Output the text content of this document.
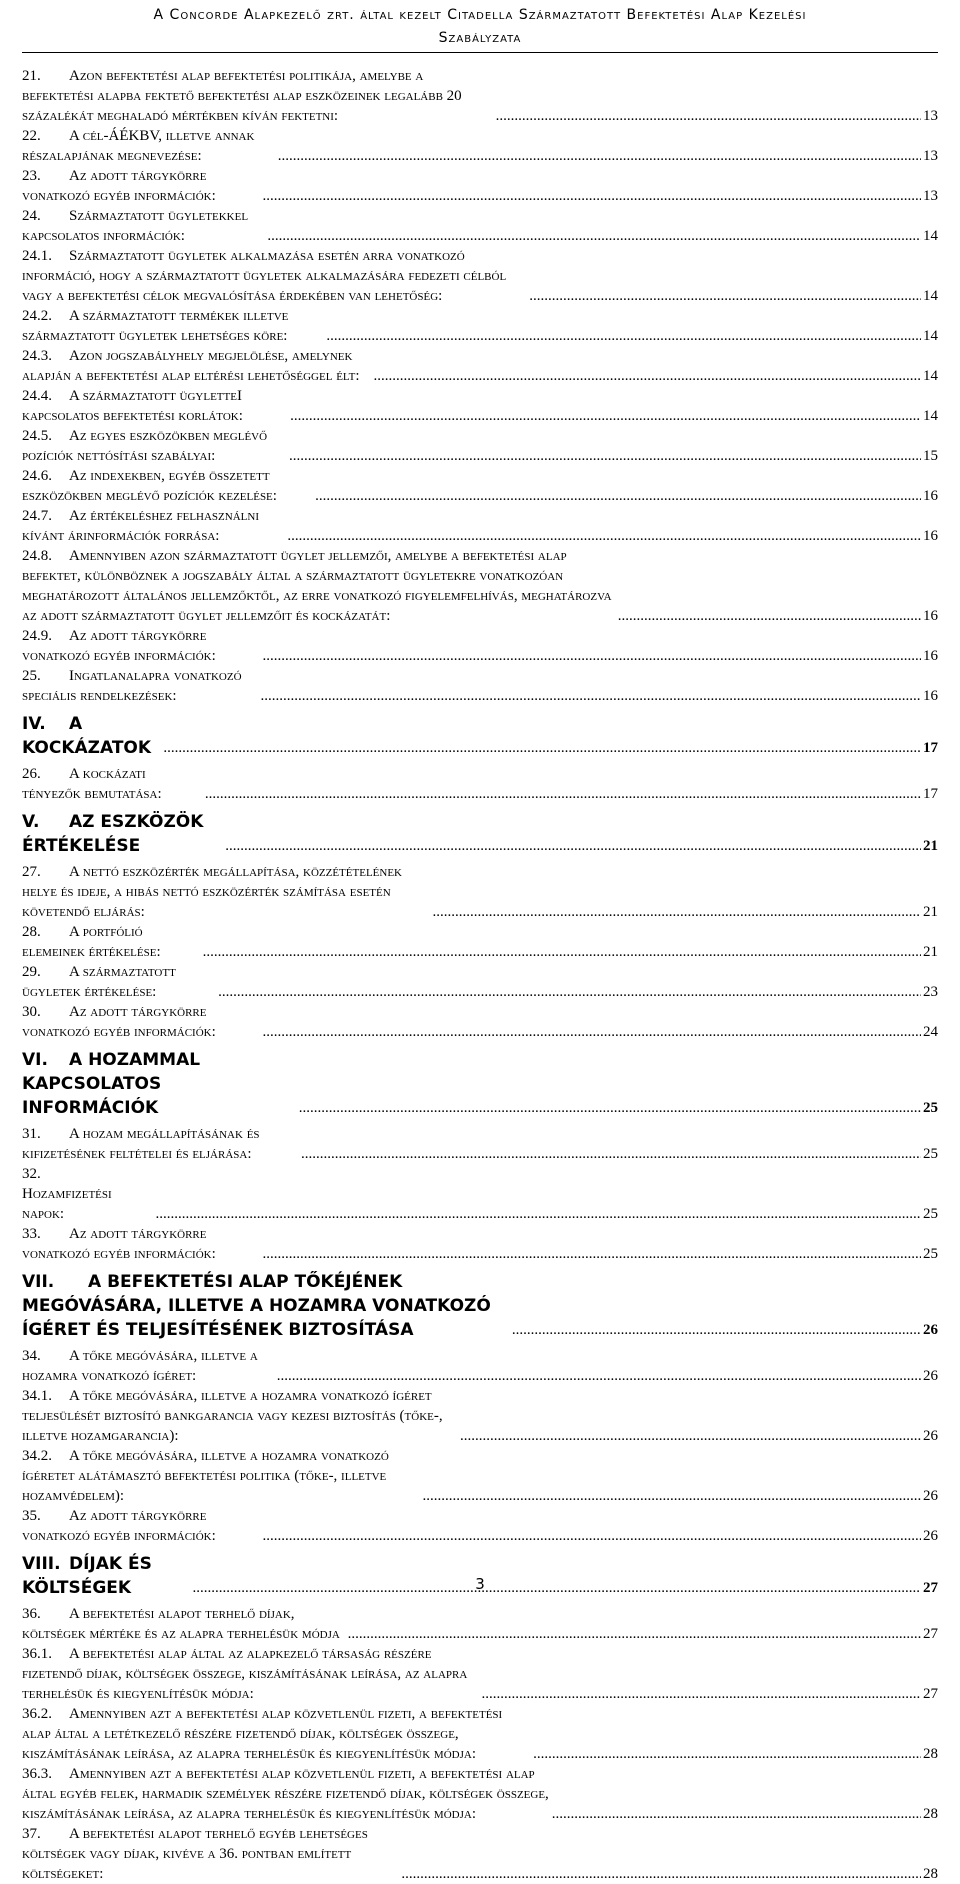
A Concorde Alapkezelő zrt. által kezelt Citadella Származtatott Befektetési Alap Kezelési
Szabályzata
21. Azon befektetési alap befektetési politikája, amelybe a befektetési alapba fektető befektetési alap eszközeinek legalább 20 százalékát meghaladó mértékben kíván fektetni: .....	13
22. A cél-ÁÉKBV, illetve annak részalapjának megnevezése: .....	13
23. Az adott tárgykörre vonatkozó egyéb információk: .....	13
24. Származtatott ügyletekkel kapcsolatos információk: .....	14
24.1. Származtatott ügyletek alkalmazása esetén arra vonatkozó információ, hogy a származtatott ügyletek alkalmazására fedezeti célból vagy a befektetési célok megvalósítása érdekében van lehetőség: .....	14
24.2. A származtatott termékek illetve származtatott ügyletek lehetséges köre: .....	14
24.3. Azon jogszabályhely megjelölése, amelynek alapján a befektetési alap eltérési lehetőséggel élt: .....	14
24.4. A származtatott ügyletteI kapcsolatos befektetési korlátok: .....	14
24.5. Az egyes eszközökben meglévő pozíciók nettósítási szabályai: .....	15
24.6. Az indexekben, egyéb összetett eszközökben meglévő pozíciók kezelése: .....	16
24.7. Az értékeléshez felhasználni kívánt árinformációk forrása: .....	16
24.8. Amennyiben azon származtatott ügylet jellemzői, amelybe a befektetési alap befektet, különböznek a jogszabály által a származtatott ügyletekre vonatkozóan meghatározott általános jellemzőktől, az erre vonatkozó figyelemfelhívás, meghatározva az adott származtatott ügylet jellemzőit és kockázatát: .....	16
24.9. Az adott tárgykörre vonatkozó egyéb információk: .....	16
25. Ingatlanalapra vonatkozó speciális rendelkezések: .....	16
IV. A KOCKÁZATOK .....	17
26. A kockázati tényezők bemutatása: .....	17
V. AZ ESZKÖZÖK ÉRTÉKELÉSE .....	21
27. A nettó eszközérték megállapítása, közzétételének helye és ideje, a hibás nettó eszközérték számítása esetén követendő eljárás: .....	21
28. A portfólió elemeinek értékelése: .....	21
29. A származtatott ügyletek értékelése: .....	23
30. Az adott tárgykörre vonatkozó egyéb információk: .....	24
VI. A HOZAMMAL KAPCSOLATOS INFORMÁCIÓK .....	25
31. A hozam megállapításának és kifizetésének feltételei és eljárása: .....	25
32.Hozamfizetési napok: .....	25
33. Az adott tárgykörre vonatkozó egyéb információk: .....	25
VII. A BEFEKTETÉSI ALAP TŐKÉJÉNEK MEGÓVÁSÁRA, ILLETVE A HOZAMRA VONATKOZÓ ÍGÉRET ÉS TELJESÍTÉSÉNEK BIZTOSÍTÁSA .....	26
34. A tőke megóvására, illetve a hozamra vonatkozó ígéret: .....	26
34.1. A tőke megóvására, illetve a hozamra vonatkozó ígéret teljesülését biztosító bankgarancia vagy kezesi biztosítás (tőke-, illetve hozamgarancia): .....	26
34.2. A tőke megóvására, illetve a hozamra vonatkozó ígéretet alátámasztó befektetési politika (tőke-, illetve hozamvédelem): .....	26
35. Az adott tárgykörre vonatkozó egyéb információk: .....	26
VIII. DÍJAK ÉS KÖLTSÉGEK .....	27
36. A befektetési alapot terhelő díjak, költségek mértéke és az alapra terhelésük módja .....	27
36.1. A befektetési alap által az alapkezelő társaság részére fizetendő díjak, költségek összege, kiszámításának leírása, az alapra terhelésük és kiegyenlítésük módja: .....	27
36.2. Amennyiben azt a befektetési alap közvetlenül fizeti, a befektetési alap által a letétkezelő részére fizetendő díjak, költségek összege, kiszámításának leírása, az alapra terhelésük és kiegyenlítésük módja: .....	28
36.3. Amennyiben azt a befektetési alap közvetlenül fizeti, a befektetési alap által egyéb felek, harmadik személyek részére fizetendő díjak, költségek összege, kiszámításának leírása, az alapra terhelésük és kiegyenlítésük módja: .....	28
37. A befektetési alapot terhelő egyéb lehetséges költségek vagy díjak, kivéve a 36. pontban említett költségeket: .....	28
3
